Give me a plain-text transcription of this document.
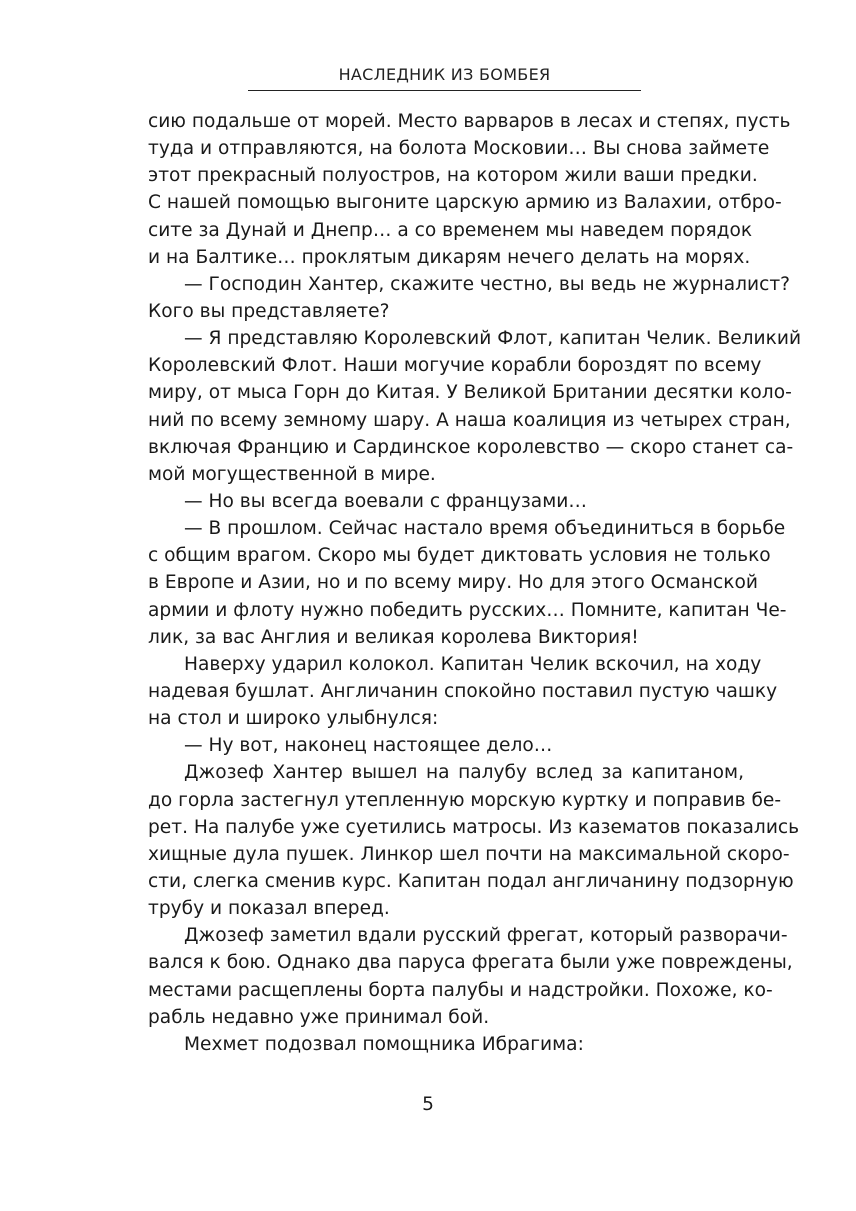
НАСЛЕДНИК ИЗ БОМБЕЯ
сию подальше от морей. Место варваров в лесах и степях, пусть
туда и отправляются, на болота Московии… Вы снова займете
этот прекрасный полуостров, на котором жили ваши предки.
С нашей помощью выгоните царскую армию из Валахии, отбро-
сите за Дунай и Днепр… а со временем мы наведем порядок
и на Балтике… проклятым дикарям нечего делать на морях.
— Господин Хантер, скажите честно, вы ведь не журналист?
Кого вы представляете?
— Я представляю Королевский Флот, капитан Челик. Великий
Королевский Флот. Наши могучие корабли бороздят по всему
миру, от мыса Горн до Китая. У Великой Британии десятки коло-
ний по всему земному шару. А наша коалиция из четырех стран,
включая Францию и Сардинское королевство — скоро станет са-
мой могущественной в мире.
— Но вы всегда воевали с французами…
— В прошлом. Сейчас настало время объединиться в борьбе
с общим врагом. Скоро мы будет диктовать условия не только
в Европе и Азии, но и по всему миру. Но для этого Османской
армии и флоту нужно победить русских… Помните, капитан Че-
лик, за вас Англия и великая королева Виктория!
Наверху ударил колокол. Капитан Челик вскочил, на ходу
надевая бушлат. Англичанин спокойно поставил пустую чашку
на стол и широко улыбнулся:
— Ну вот, наконец настоящее дело…
Джозеф Хантер вышел на палубу вслед за капитаном,
до горла застегнул утепленную морскую куртку и поправив бе-
рет. На палубе уже суетились матросы. Из казематов показались
хищные дула пушек. Линкор шел почти на максимальной скоро-
сти, слегка сменив курс. Капитан подал англичанину подзорную
трубу и показал вперед.
Джозеф заметил вдали русский фрегат, который разворачи-
вался к бою. Однако два паруса фрегата были уже повреждены,
местами расщеплены борта палубы и надстройки. Похоже, ко-
рабль недавно уже принимал бой.
Мехмет подозвал помощника Ибрагима:
5
